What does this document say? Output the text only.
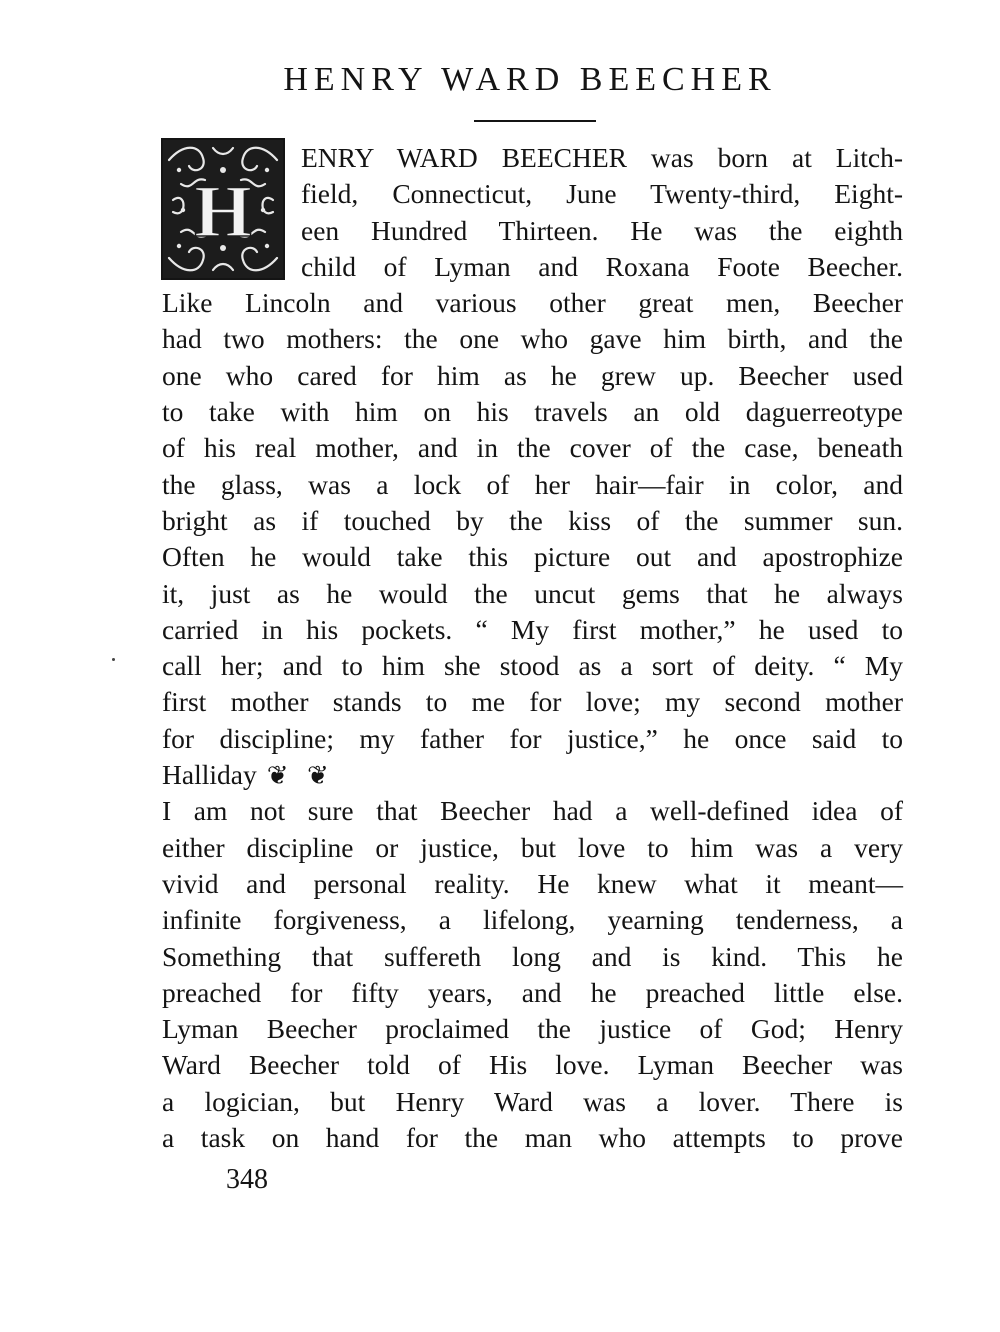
HENRY WARD BEECHER
H
ENRY WARD BEECHER was born at Litch-
field, Connecticut, June Twenty-third, Eight-
een Hundred Thirteen. He was the eighth
child of Lyman and Roxana Foote Beecher.
Like Lincoln and various other great men, Beecher
had two mothers: the one who gave him birth, and the
one who cared for him as he grew up. Beecher used
to take with him on his travels an old daguerreotype
of his real mother, and in the cover of the case, beneath
the glass, was a lock of her hair—fair in color, and
bright as if touched by the kiss of the summer sun.
Often he would take this picture out and apostrophize
it, just as he would the uncut gems that he always
carried in his pockets. “ My first mother,” he used to
call her; and to him she stood as a sort of deity. “ My
first mother stands to me for love; my second mother
for discipline; my father for justice,” he once said to
Halliday ❦ ❦
I am not sure that Beecher had a well-defined idea of
either discipline or justice, but love to him was a very
vivid and personal reality. He knew what it meant—
infinite forgiveness, a lifelong, yearning tenderness, a
Something that suffereth long and is kind. This he
preached for fifty years, and he preached little else.
Lyman Beecher proclaimed the justice of God; Henry
Ward Beecher told of His love. Lyman Beecher was
a logician, but Henry Ward was a lover. There is
a task on hand for the man who attempts to prove
348
